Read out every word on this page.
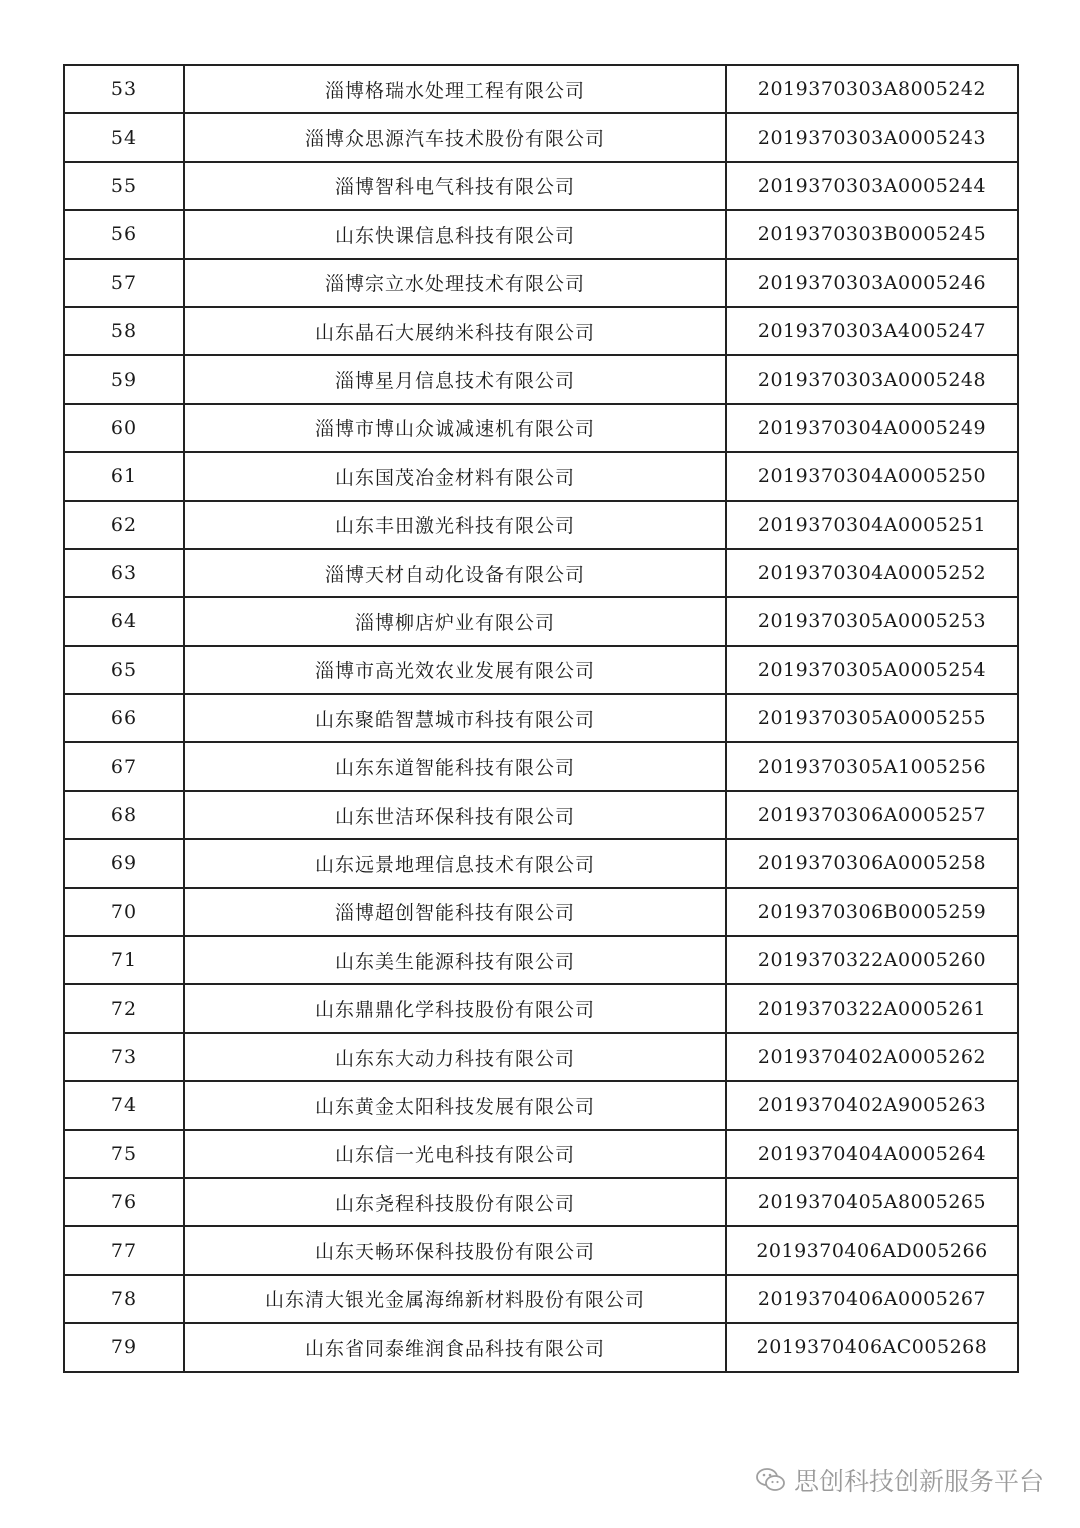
53	淄博格瑞水处理工程有限公司	2019370303A8005242
54	淄博众思源汽车技术股份有限公司	2019370303A0005243
55	淄博智科电气科技有限公司	2019370303A0005244
56	山东快课信息科技有限公司	2019370303B0005245
57	淄博宗立水处理技术有限公司	2019370303A0005246
58	山东晶石大展纳米科技有限公司	2019370303A4005247
59	淄博星月信息技术有限公司	2019370303A0005248
60	淄博市博山众诚减速机有限公司	2019370304A0005249
61	山东国茂冶金材料有限公司	2019370304A0005250
62	山东丰田激光科技有限公司	2019370304A0005251
63	淄博天材自动化设备有限公司	2019370304A0005252
64	淄博柳店炉业有限公司	2019370305A0005253
65	淄博市高光效农业发展有限公司	2019370305A0005254
66	山东聚皓智慧城市科技有限公司	2019370305A0005255
67	山东东道智能科技有限公司	2019370305A1005256
68	山东世洁环保科技有限公司	2019370306A0005257
69	山东远景地理信息技术有限公司	2019370306A0005258
70	淄博超创智能科技有限公司	2019370306B0005259
71	山东美生能源科技有限公司	2019370322A0005260
72	山东鼎鼎化学科技股份有限公司	2019370322A0005261
73	山东东大动力科技有限公司	2019370402A0005262
74	山东黄金太阳科技发展有限公司	2019370402A9005263
75	山东信一光电科技有限公司	2019370404A0005264
76	山东尧程科技股份有限公司	2019370405A8005265
77	山东天畅环保科技股份有限公司	2019370406AD005266
78	山东清大银光金属海绵新材料股份有限公司	2019370406A0005267
79	山东省同泰维润食品科技有限公司	2019370406AC005268
思创科技创新服务平台
